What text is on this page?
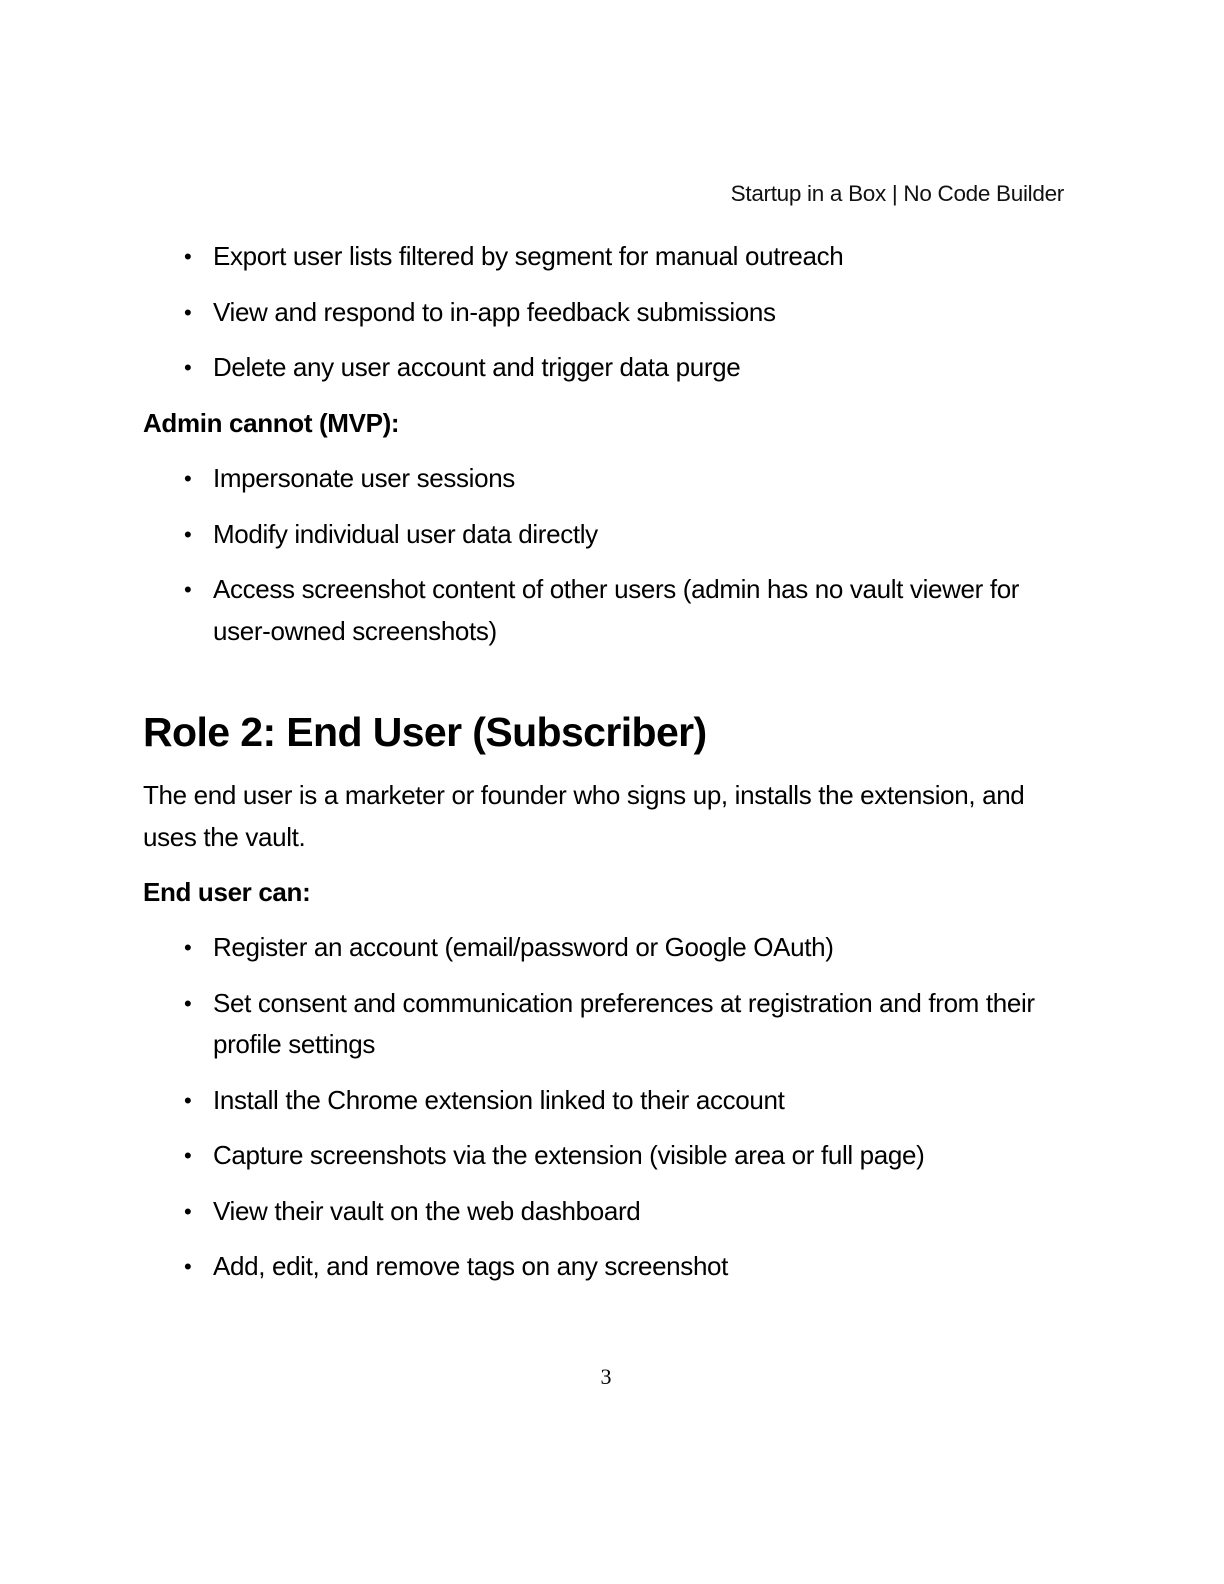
Startup in a Box | No Code Builder
• Export user lists filtered by segment for manual outreach
• View and respond to in-app feedback submissions
• Delete any user account and trigger data purge
Admin cannot (MVP):
• Impersonate user sessions
• Modify individual user data directly
• Access screenshot content of other users (admin has no vault viewer for user-owned screenshots)
Role 2: End User (Subscriber)

The end user is a marketer or founder who signs up, installs the extension, and uses the vault.

End user can:
• Register an account (email/password or Google OAuth)
• Set consent and communication preferences at registration and from their profile settings
• Install the Chrome extension linked to their account
• Capture screenshots via the extension (visible area or full page)
• View their vault on the web dashboard
• Add, edit, and remove tags on any screenshot
3
